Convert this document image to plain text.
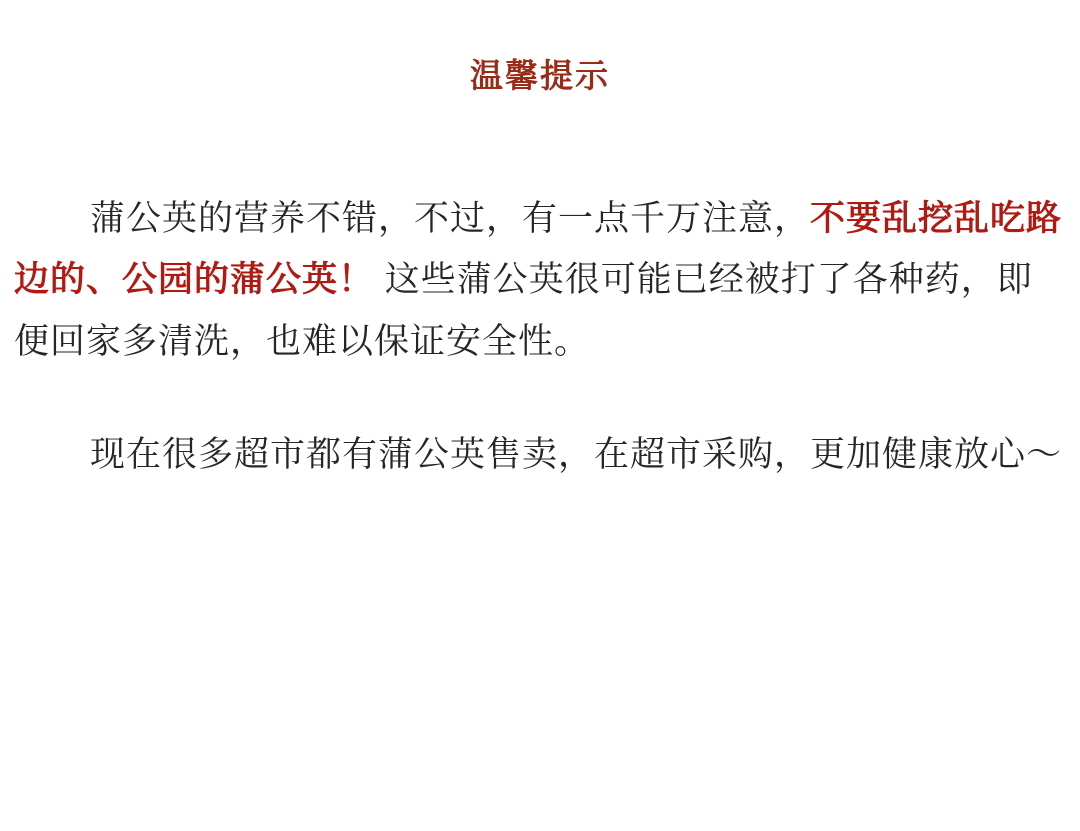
温馨提示

蒲公英的营养不错，不过，有一点千万注意，不要乱挖乱吃路边的、公园的蒲公英！ 这些蒲公英很可能已经被打了各种药，即便回家多清洗，也难以保证安全性。

现在很多超市都有蒲公英售卖，在超市采购，更加健康放心～
